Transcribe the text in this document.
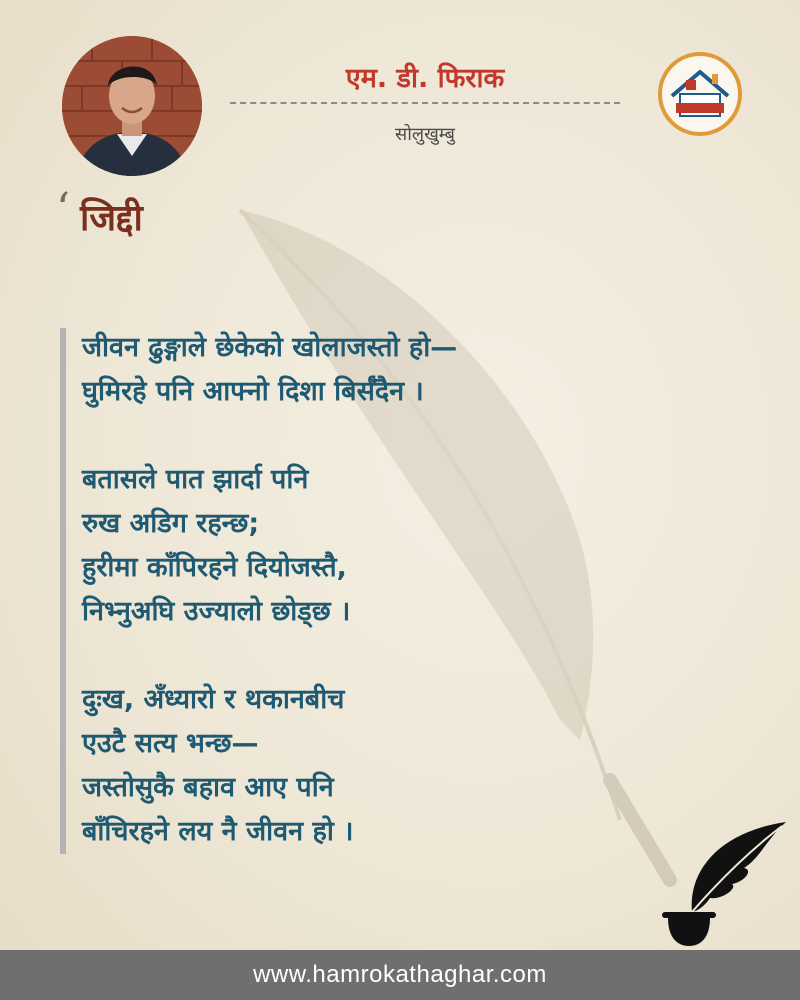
एम. डी. फिराक
सोलुखुम्बु
‘ जिद्दी
जीवन ढुङ्गाले छेकेको खोलाजस्तो हो—
घुमिरहे पनि आफ्नो दिशा बिर्सँदैन ।
बतासले पात झार्दा पनि
रुख अडिग रहन्छ;
हुरीमा काँपिरहने दियोजस्तै,
निभ्नुअघि उज्यालो छोड्छ ।
दुःख, अँध्यारो र थकानबीच
एउटै सत्य भन्छ—
जस्तोसुकै बहाव आए पनि
बाँचिरहने लय नै जीवन हो ।
www.hamrokathaghar.com
